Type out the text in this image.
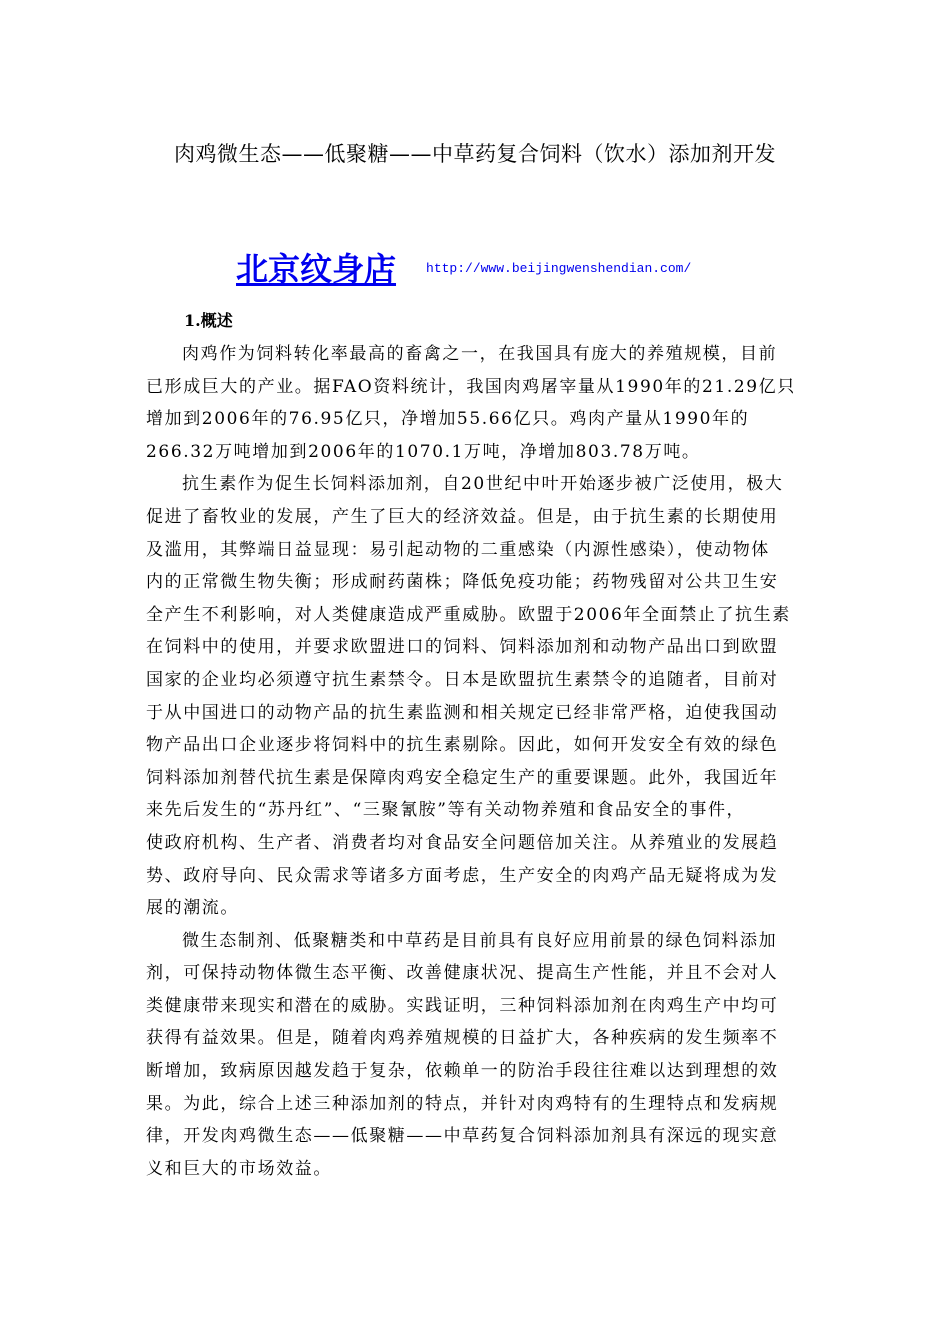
肉鸡微生态——低聚糖——中草药复合饲料（饮水）添加剂开发
北京纹身店 $^{http://www.beijingwenshendian.com/}$
1.概述

肉鸡作为饲料转化率最高的畜禽之一，在我国具有庞大的养殖规模，目前
已形成巨大的产业。据FAO资料统计，我国肉鸡屠宰量从1990年的21.29亿只
增加到2006年的76.95亿只，净增加55.66亿只。鸡肉产量从1990年的
266.32万吨增加到2006年的1070.1万吨，净增加803.78万吨。

抗生素作为促生长饲料添加剂，自20世纪中叶开始逐步被广泛使用，极大
促进了畜牧业的发展，产生了巨大的经济效益。但是，由于抗生素的长期使用
及滥用，其弊端日益显现：易引起动物的二重感染（内源性感染），使动物体
内的正常微生物失衡；形成耐药菌株；降低免疫功能；药物残留对公共卫生安
全产生不利影响，对人类健康造成严重威胁。欧盟于2006年全面禁止了抗生素
在饲料中的使用，并要求欧盟进口的饲料、饲料添加剂和动物产品出口到欧盟
国家的企业均必须遵守抗生素禁令。日本是欧盟抗生素禁令的追随者，目前对
于从中国进口的动物产品的抗生素监测和相关规定已经非常严格，迫使我国动
物产品出口企业逐步将饲料中的抗生素剔除。因此，如何开发安全有效的绿色
饲料添加剂替代抗生素是保障肉鸡安全稳定生产的重要课题。此外，我国近年
来先后发生的“苏丹红”、“三聚氰胺”等有关动物养殖和食品安全的事件，
使政府机构、生产者、消费者均对食品安全问题倍加关注。从养殖业的发展趋
势、政府导向、民众需求等诸多方面考虑，生产安全的肉鸡产品无疑将成为发
展的潮流。

微生态制剂、低聚糖类和中草药是目前具有良好应用前景的绿色饲料添加
剂，可保持动物体微生态平衡、改善健康状况、提高生产性能，并且不会对人
类健康带来现实和潜在的威胁。实践证明，三种饲料添加剂在肉鸡生产中均可
获得有益效果。但是，随着肉鸡养殖规模的日益扩大，各种疾病的发生频率不
断增加，致病原因越发趋于复杂，依赖单一的防治手段往往难以达到理想的效
果。为此，综合上述三种添加剂的特点，并针对肉鸡特有的生理特点和发病规
律，开发肉鸡微生态——低聚糖——中草药复合饲料添加剂具有深远的现实意
义和巨大的市场效益。
